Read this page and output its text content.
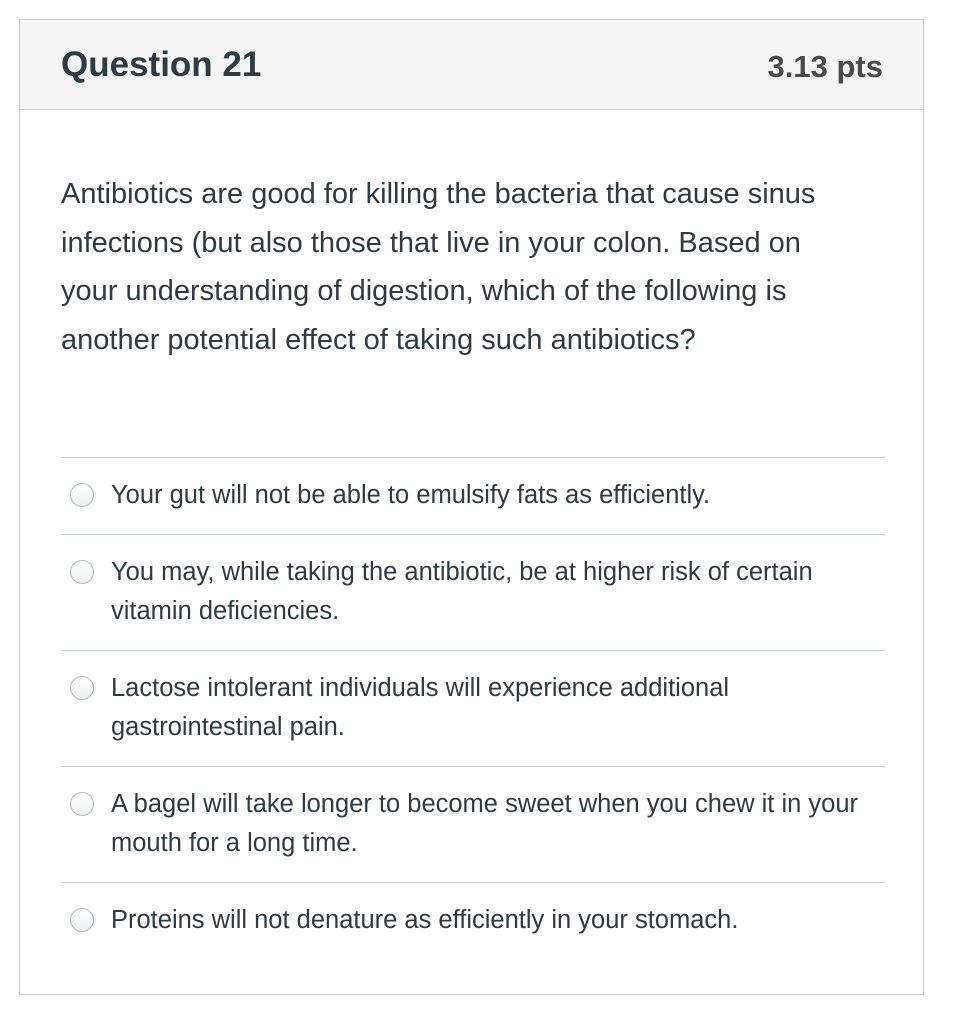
Question 21	3.13 pts
Antibiotics are good for killing the bacteria that cause sinus infections (but also those that live in your colon. Based on your understanding of digestion, which of the following is another potential effect of taking such antibiotics?
Your gut will not be able to emulsify fats as efficiently.
You may, while taking the antibiotic, be at higher risk of certain vitamin deficiencies.
Lactose intolerant individuals will experience additional gastrointestinal pain.
A bagel will take longer to become sweet when you chew it in your mouth for a long time.
Proteins will not denature as efficiently in your stomach.
